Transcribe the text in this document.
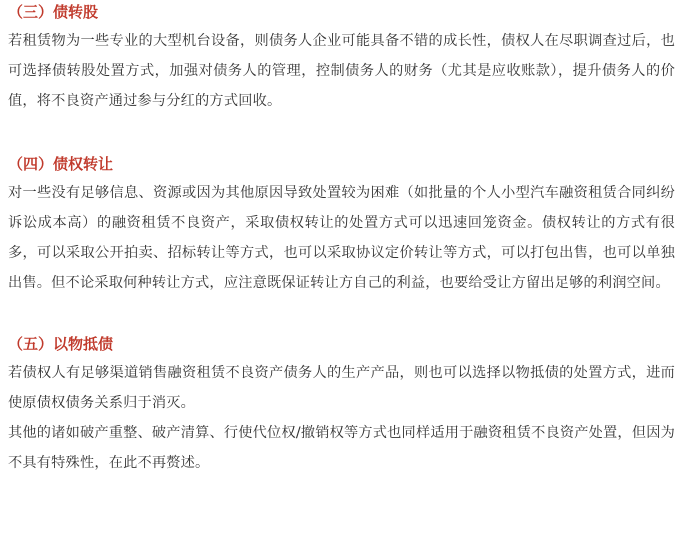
（三）债转股

若租赁物为一些专业的大型机台设备，则债务人企业可能具备不错的成长性，债权人在尽职调查过后，也可选择债转股处置方式，加强对债务人的管理，控制债务人的财务（尤其是应收账款），提升债务人的价值，将不良资产通过参与分红的方式回收。

（四）债权转让

对一些没有足够信息、资源或因为其他原因导致处置较为困难（如批量的个人小型汽车融资租赁合同纠纷诉讼成本高）的融资租赁不良资产，采取债权转让的处置方式可以迅速回笼资金。债权转让的方式有很多，可以采取公开拍卖、招标转让等方式，也可以采取协议定价转让等方式，可以打包出售，也可以单独出售。但不论采取何种转让方式，应注意既保证转让方自己的利益，也要给受让方留出足够的利润空间。

（五）以物抵债

若债权人有足够渠道销售融资租赁不良资产债务人的生产产品，则也可以选择以物抵债的处置方式，进而使原债权债务关系归于消灭。

其他的诸如破产重整、破产清算、行使代位权/撤销权等方式也同样适用于融资租赁不良资产处置，但因为不具有特殊性，在此不再赘述。
